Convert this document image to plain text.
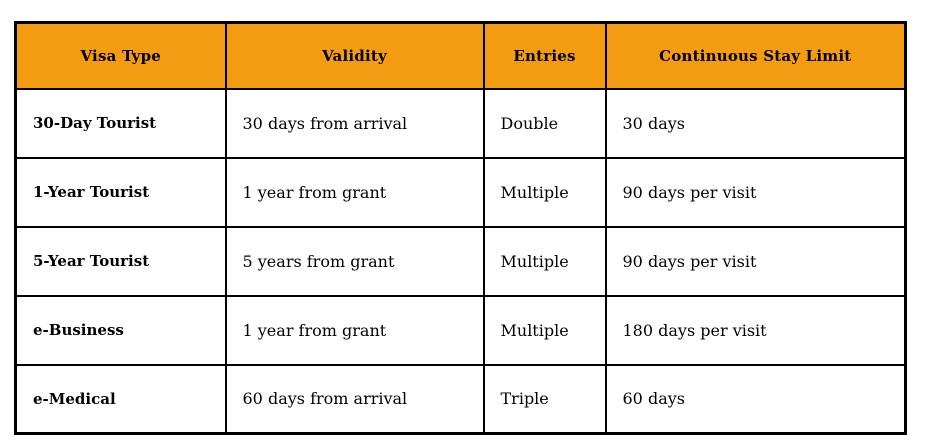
Visa Type	Validity	Entries	Continuous Stay Limit
30-Day Tourist	30 days from arrival	Double	30 days
1-Year Tourist	1 year from grant	Multiple	90 days per visit
5-Year Tourist	5 years from grant	Multiple	90 days per visit
e-Business	1 year from grant	Multiple	180 days per visit
e-Medical	60 days from arrival	Triple	60 days
